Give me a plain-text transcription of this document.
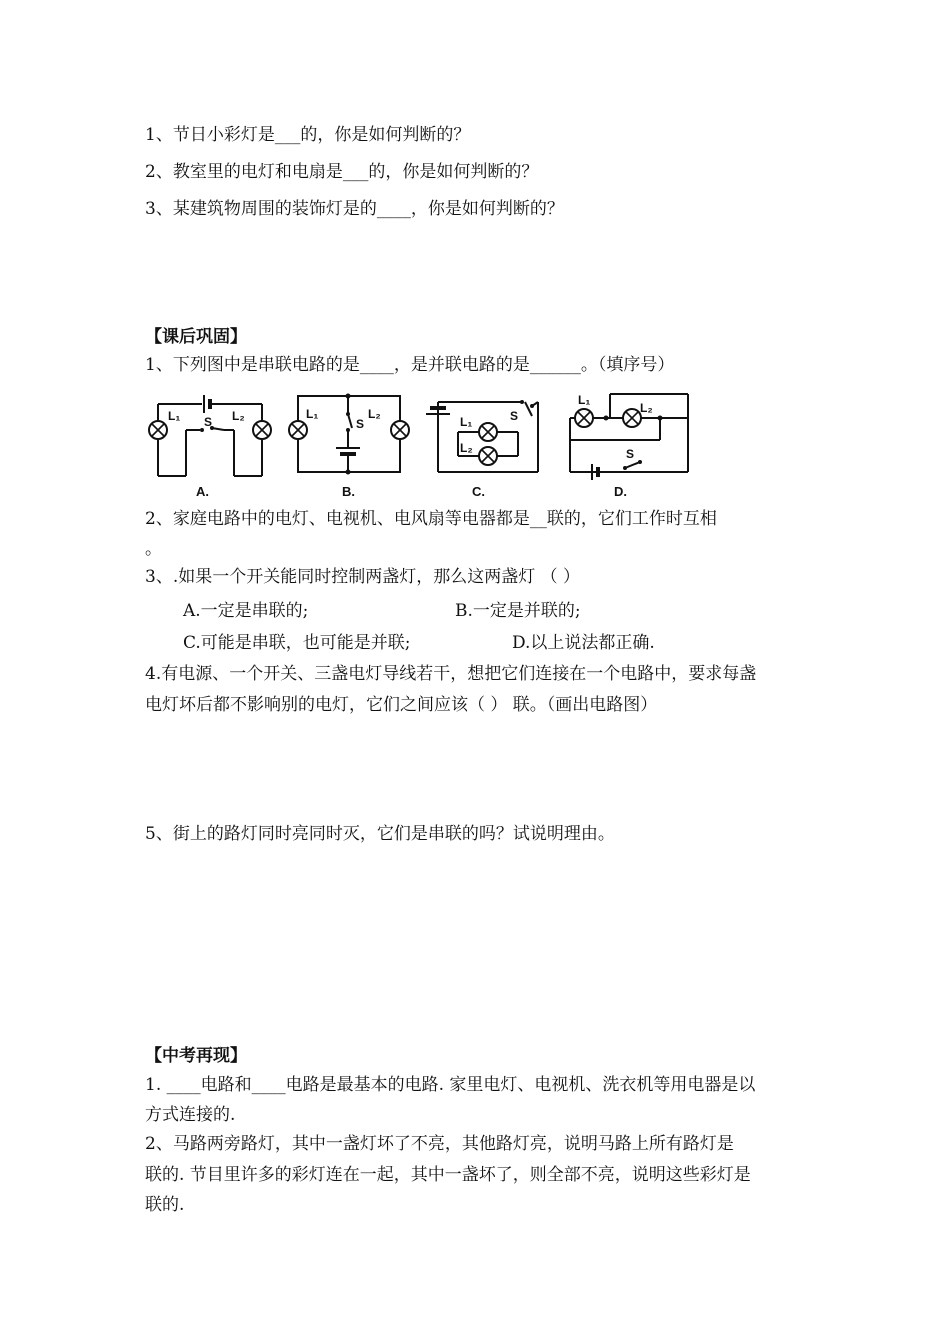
1、节日小彩灯是___的，你是如何判断的？
2、教室里的电灯和电扇是___的，你是如何判断的？
3、某建筑物周围的装饰灯是的____，你是如何判断的？
【课后巩固】
1、下列图中是串联电路的是____，是并联电路的是______。（填序号）
L₁ S L₂	L₁
S
L₂
L₁	S
L₂
L₁
L₂
S
A.	B.	C.	D.
2、家庭电路中的电灯、电视机、电风扇等电器都是__联的，它们工作时互相
。
3、.如果一个开关能同时控制两盏灯，那么这两盏灯 （ ）
A.一定是串联的;	B.一定是并联的;
C.可能是串联，也可能是并联;	D.以上说法都正确.
4.有电源、一个开关、三盏电灯导线若干，想把它们连接在一个电路中，要求每盏
电灯坏后都不影响别的电灯，它们之间应该（ ） 联。（画出电路图）
5、街上的路灯同时亮同时灭，它们是串联的吗？试说明理由。
【中考再现】
1. ____电路和____电路是最基本的电路. 家里电灯、电视机、洗衣机等用电器是以
方式连接的.
2、马路两旁路灯，其中一盏灯坏了不亮，其他路灯亮，说明马路上所有路灯是
联的. 节目里许多的彩灯连在一起，其中一盏坏了，则全部不亮，说明这些彩灯是
联的.
